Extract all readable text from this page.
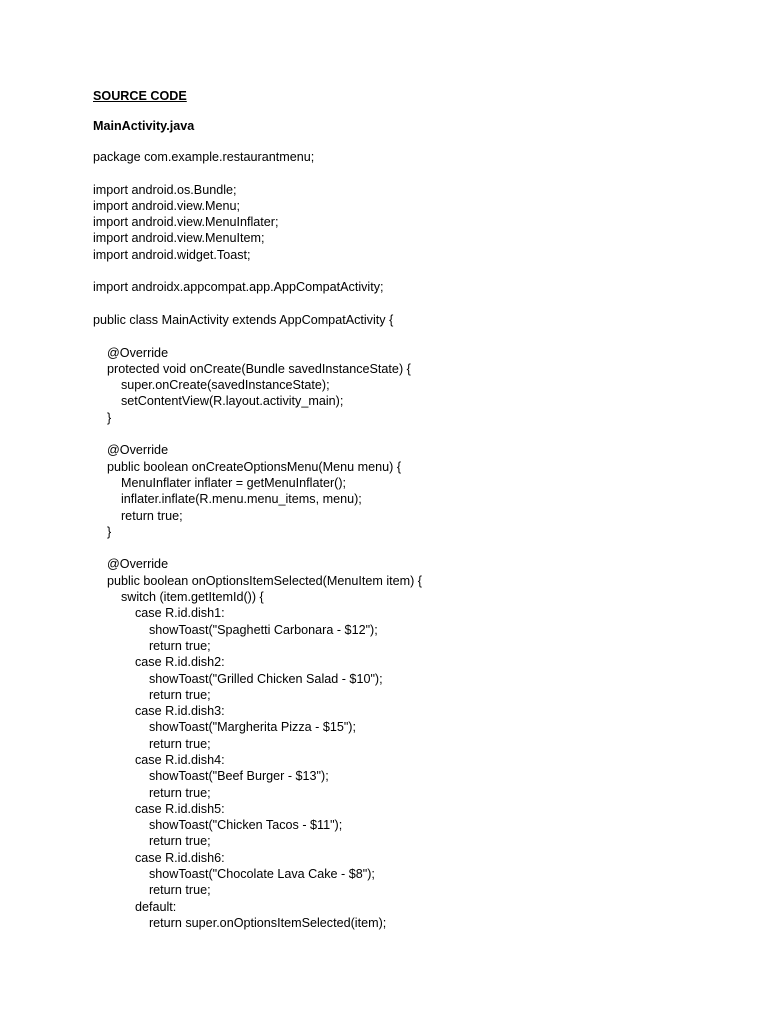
SOURCE CODE
MainActivity.java
package com.example.restaurantmenu;
import android.os.Bundle;
import android.view.Menu;
import android.view.MenuInflater;
import android.view.MenuItem;
import android.widget.Toast;
import androidx.appcompat.app.AppCompatActivity;
public class MainActivity extends AppCompatActivity {
@Override
protected void onCreate(Bundle savedInstanceState) {
super.onCreate(savedInstanceState);
setContentView(R.layout.activity_main);
}
@Override
public boolean onCreateOptionsMenu(Menu menu) {
MenuInflater inflater = getMenuInflater();
inflater.inflate(R.menu.menu_items, menu);
return true;
}
@Override
public boolean onOptionsItemSelected(MenuItem item) {
switch (item.getItemId()) {
case R.id.dish1:
showToast("Spaghetti Carbonara - $12");
return true;
case R.id.dish2:
showToast("Grilled Chicken Salad - $10");
return true;
case R.id.dish3:
showToast("Margherita Pizza - $15");
return true;
case R.id.dish4:
showToast("Beef Burger - $13");
return true;
case R.id.dish5:
showToast("Chicken Tacos - $11");
return true;
case R.id.dish6:
showToast("Chocolate Lava Cake - $8");
return true;
default:
return super.onOptionsItemSelected(item);
